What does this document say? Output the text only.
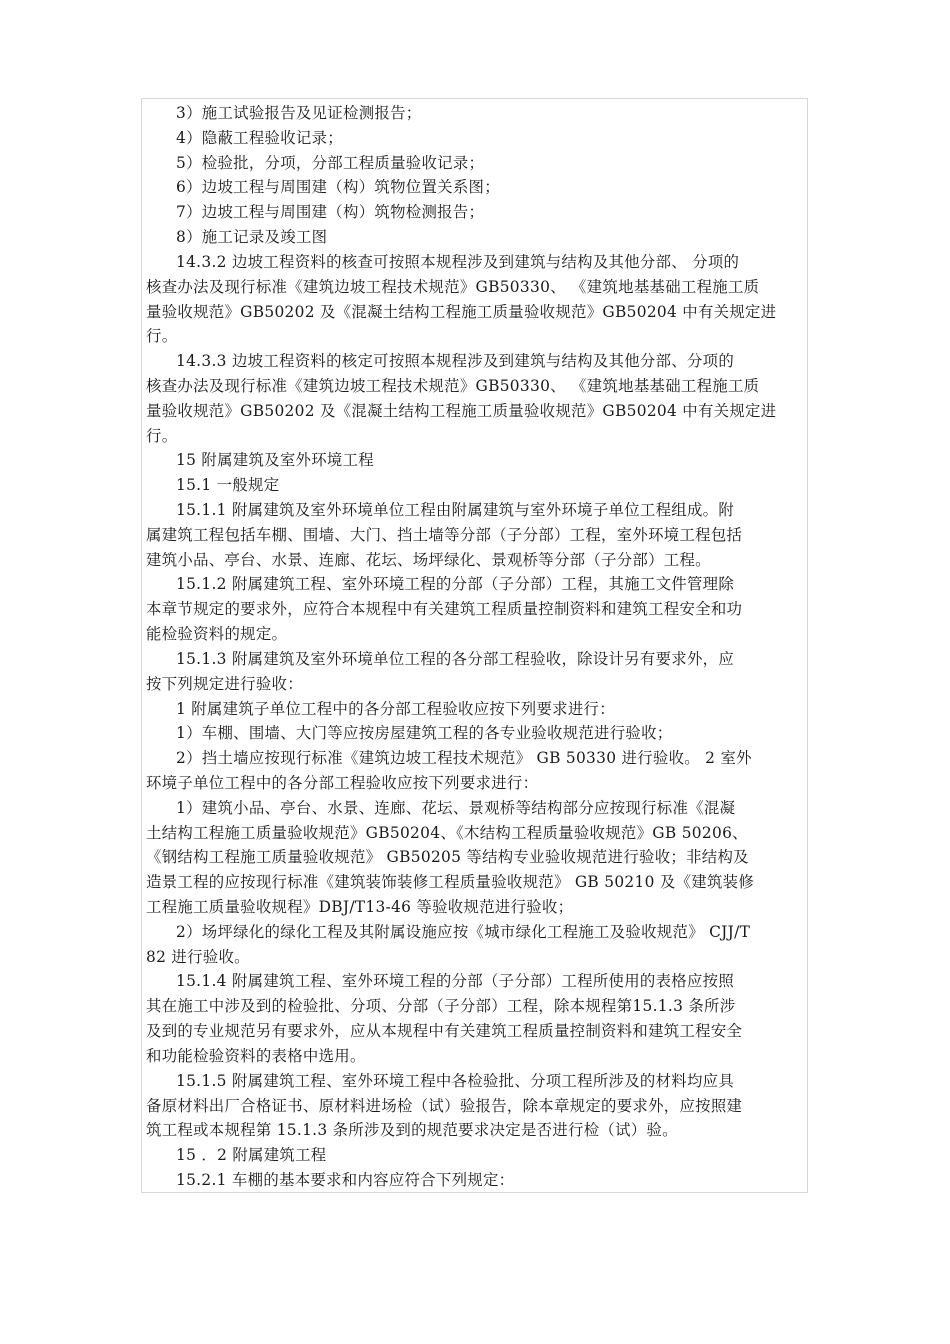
3）施工试验报告及见证检测报告；
4）隐蔽工程验收记录；
5）检验批，分项，分部工程质量验收记录；
6）边坡工程与周围建（构）筑物位置关系图；
7）边坡工程与周围建（构）筑物检测报告；
8）施工记录及竣工图
14.3.2 边坡工程资料的核查可按照本规程涉及到建筑与结构及其他分部、 分项的
核查办法及现行标准《建筑边坡工程技术规范》GB50330、 《建筑地基基础工程施工质
量验收规范》GB50202 及《混凝土结构工程施工质量验收规范》GB50204 中有关规定进
行。
14.3.3 边坡工程资料的核定可按照本规程涉及到建筑与结构及其他分部、分项的
核查办法及现行标准《建筑边坡工程技术规范》GB50330、 《建筑地基基础工程施工质
量验收规范》GB50202 及《混凝土结构工程施工质量验收规范》GB50204 中有关规定进
行。
15 附属建筑及室外环境工程
15.1 一般规定
15.1.1 附属建筑及室外环境单位工程由附属建筑与室外环境子单位工程组成。附
属建筑工程包括车棚、围墙、大门、挡土墙等分部（子分部）工程，室外环境工程包括
建筑小品、亭台、水景、连廊、花坛、场坪绿化、景观桥等分部（子分部）工程。
15.1.2 附属建筑工程、室外环境工程的分部（子分部）工程，其施工文件管理除
本章节规定的要求外，应符合本规程中有关建筑工程质量控制资料和建筑工程安全和功
能检验资料的规定。
15.1.3 附属建筑及室外环境单位工程的各分部工程验收，除设计另有要求外，应
按下列规定进行验收：
1 附属建筑子单位工程中的各分部工程验收应按下列要求进行：
1）车棚、围墙、大门等应按房屋建筑工程的各专业验收规范进行验收；
2）挡土墙应按现行标准《建筑边坡工程技术规范》 GB 50330 进行验收。 2 室外
环境子单位工程中的各分部工程验收应按下列要求进行：
1）建筑小品、亭台、水景、连廊、花坛、景观桥等结构部分应按现行标准《混凝
土结构工程施工质量验收规范》GB50204、《木结构工程质量验收规范》GB 50206、
《钢结构工程施工质量验收规范》 GB50205 等结构专业验收规范进行验收；非结构及
造景工程的应按现行标准《建筑装饰装修工程质量验收规范》 GB 50210 及《建筑装修
工程施工质量验收规程》DBJ/T13-46 等验收规范进行验收；
2）场坪绿化的绿化工程及其附属设施应按《城市绿化工程施工及验收规范》 CJJ/T
82 进行验收。
15.1.4 附属建筑工程、室外环境工程的分部（子分部）工程所使用的表格应按照
其在施工中涉及到的检验批、分项、分部（子分部）工程，除本规程第15.1.3 条所涉
及到的专业规范另有要求外，应从本规程中有关建筑工程质量控制资料和建筑工程安全
和功能检验资料的表格中选用。
15.1.5 附属建筑工程、室外环境工程中各检验批、分项工程所涉及的材料均应具
备原材料出厂合格证书、原材料进场检（试）验报告，除本章规定的要求外，应按照建
筑工程或本规程第 15.1.3 条所涉及到的规范要求决定是否进行检（试）验。
15 ．2 附属建筑工程
15.2.1 车棚的基本要求和内容应符合下列规定：
